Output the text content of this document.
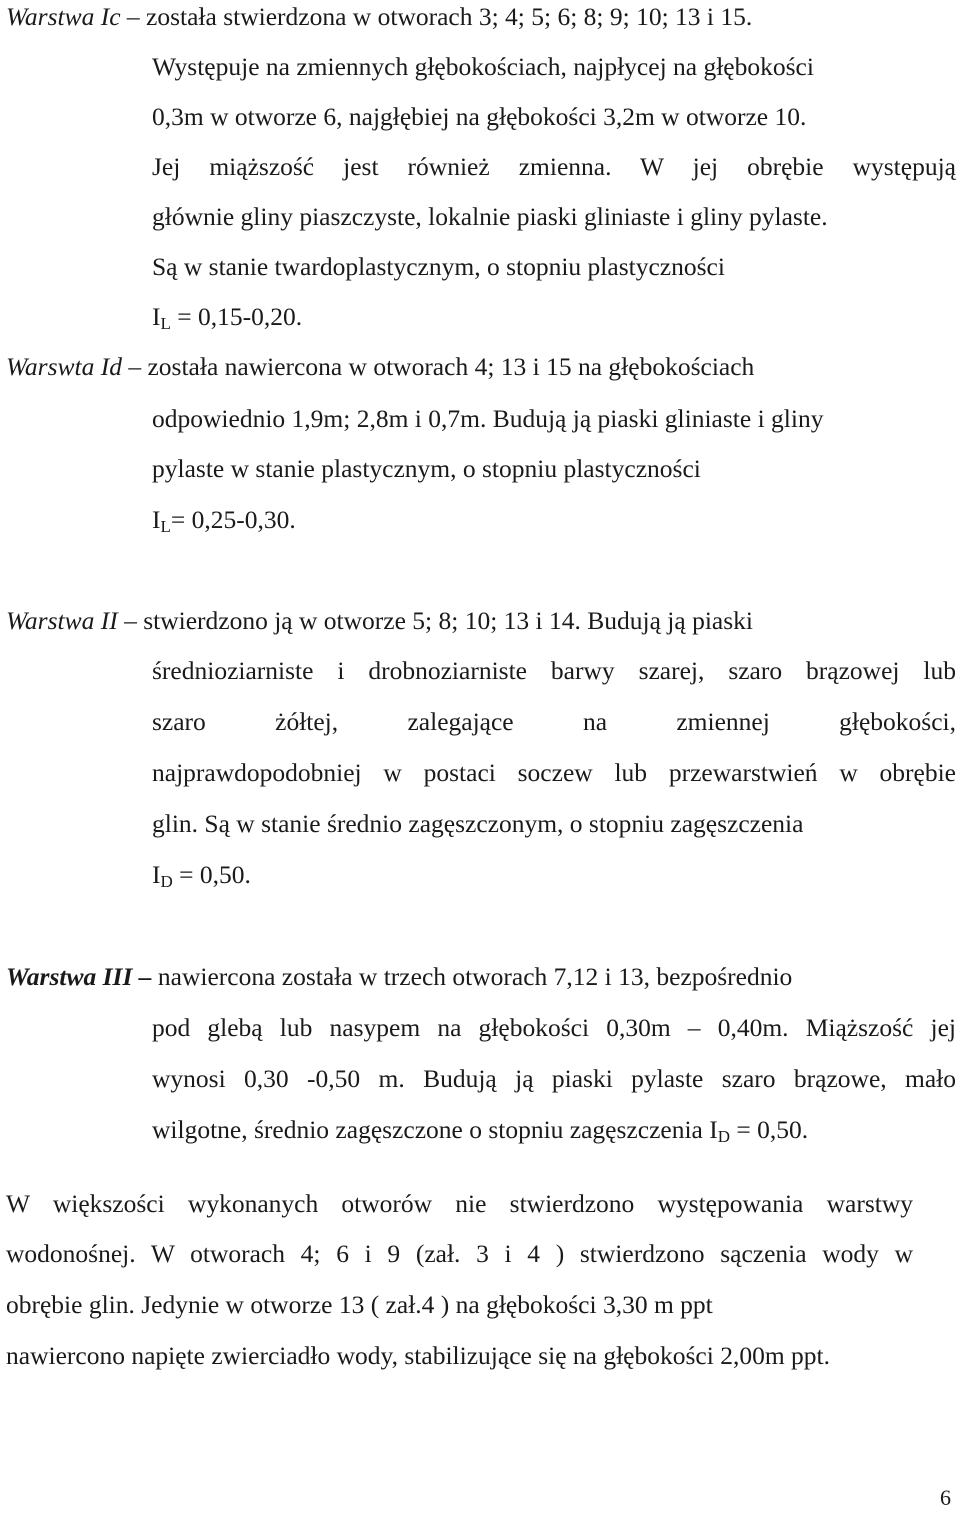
Warstwa Ic – została stwierdzona w otworach 3; 4; 5; 6; 8; 9; 10; 13 i 15.
Występuje na zmiennych głębokościach, najpłycej na głębokości
0,3m w otworze 6, najgłębiej na głębokości 3,2m w otworze 10.
Jej miąższość jest również zmienna. W jej obrębie występują
głównie gliny piaszczyste, lokalnie piaski gliniaste i gliny pylaste.
Są w stanie twardoplastycznym, o stopniu plastyczności
$I_L = 0,15-0,20$.
Warswta Id – została nawiercona w otworach 4; 13 i 15 na głębokościach
odpowiednio 1,9m; 2,8m i 0,7m. Budują ją piaski gliniaste i gliny
pylaste w stanie plastycznym, o stopniu plastyczności
$I_L= 0,25-0,30$.
Warstwa II – stwierdzono ją w otworze 5; 8; 10; 13 i 14. Budują ją piaski
średnioziarniste i drobnoziarniste barwy szarej, szaro brązowej lub
szaro żółtej, zalegające na zmiennej głębokości,
najprawdopodobniej w postaci soczew lub przewarstwień w obrębie
glin. Są w stanie średnio zagęszczonym, o stopniu zagęszczenia
$I_D = 0,50$.
Warstwa III – nawiercona została w trzech otworach 7,12 i 13, bezpośrednio
pod glebą lub nasypem na głębokości 0,30m – 0,40m. Miąższość jej
wynosi 0,30 -0,50 m. Budują ją piaski pylaste szaro brązowe, mało
wilgotne, średnio zagęszczone o stopniu zagęszczenia $I_D = 0,50$.
W większości wykonanych otworów nie stwierdzono występowania warstwy
wodonośnej. W otworach 4; 6 i 9 (zał. 3 i 4 ) stwierdzono sączenia wody w
obrębie glin. Jedynie w otworze 13 ( zał.4 ) na głębokości 3,30 m ppt
nawiercono napięte zwierciadło wody, stabilizujące się na głębokości 2,00m ppt.
6
